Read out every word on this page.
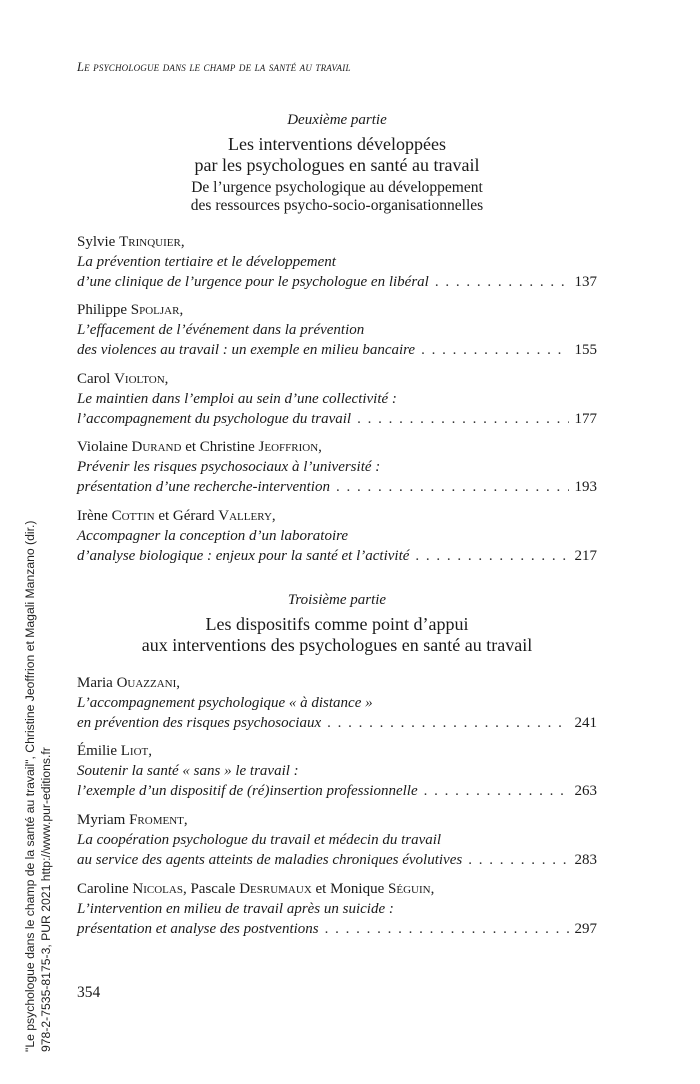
Le psychologue dans le champ de la santé au travail
Deuxième partie
Les interventions développées
par les psychologues en santé au travail
De l’urgence psychologique au développement
des ressources psycho-socio-organisationnelles
Sylvie Trinquier,
La prévention tertiaire et le développement
d’une clinique de l’urgence pour le psychologue en libéral . . .	137
Philippe Spoljar,
L’effacement de l’événement dans la prévention
des violences au travail : un exemple en milieu bancaire . . .	155
Carol Violton,
Le maintien dans l’emploi au sein d’une collectivité :
l’accompagnement du psychologue du travail . . .	177
Violaine Durand et Christine Jeoffrion,
Prévenir les risques psychosociaux à l’université :
présentation d’une recherche-intervention . . .	193
Irène Cottin et Gérard Vallery,
Accompagner la conception d’un laboratoire
d’analyse biologique : enjeux pour la santé et l’activité . . .	217
Troisième partie
Les dispositifs comme point d’appui
aux interventions des psychologues en santé au travail
Maria Ouazzani,
L’accompagnement psychologique « à distance »
en prévention des risques psychosociaux . . .	241
Émilie Liot,
Soutenir la santé « sans » le travail :
l’exemple d’un dispositif de (ré)insertion professionnelle . . .	263
Myriam Froment,
La coopération psychologue du travail et médecin du travail
au service des agents atteints de maladies chroniques évolutives . . .	283
Caroline Nicolas, Pascale Desrumaux et Monique Séguin,
L’intervention en milieu de travail après un suicide :
présentation et analyse des postventions . . .	297
354
"Le psychologue dans le champ de la santé au travail", Christine Jeoffrion et Magali Manzano (dir.) 978-2-7535-8175-3, PUR 2021 http://www.pur-editions.fr
